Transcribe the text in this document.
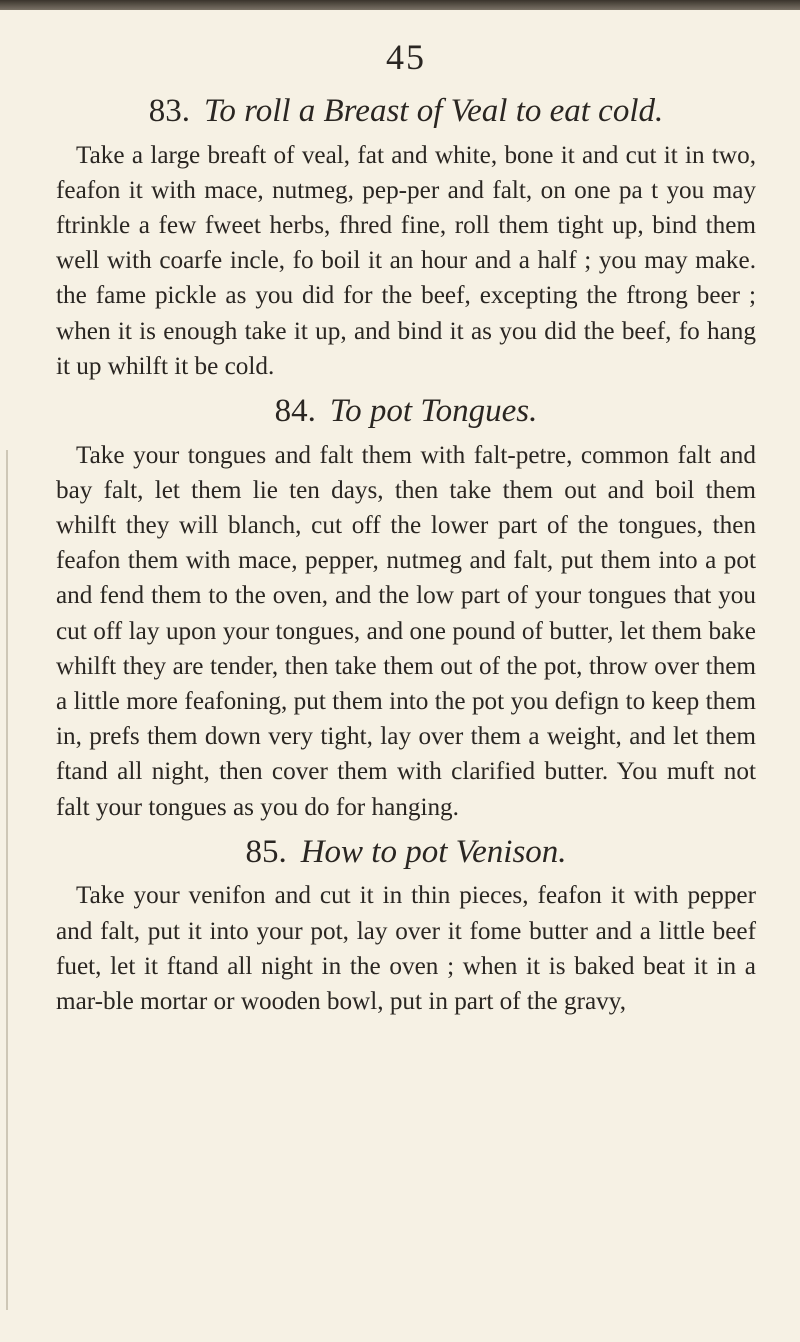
45
83. To roll a Breast of Veal to eat cold.

Take a large breaft of veal, fat and white, bone it and cut it in two, feafon it with mace, nutmeg, pep-per and falt, on one pa t you may ftrinkle a few fweet herbs, fhred fine, roll them tight up, bind them well with coarfe incle, fo boil it an hour and a half ; you may make. the fame pickle as you did for the beef, excepting the ftrong beer ; when it is enough take it up, and bind it as you did the beef, fo hang it up whilft it be cold.

84. To pot Tongues.

Take your tongues and falt them with falt-petre, common falt and bay falt, let them lie ten days, then take them out and boil them whilft they will blanch, cut off the lower part of the tongues, then feafon them with mace, pepper, nutmeg and falt, put them into a pot and fend them to the oven, and the low part of your tongues that you cut off lay upon your tongues, and one pound of butter, let them bake whilft they are tender, then take them out of the pot, throw over them a little more feafoning, put them into the pot you defign to keep them in, prefs them down very tight, lay over them a weight, and let them ftand all night, then cover them with clarified butter. You muft not falt your tongues as you do for hanging.

85. How to pot Venison.

Take your venifon and cut it in thin pieces, feafon it with pepper and falt, put it into your pot, lay over it fome butter and a little beef fuet, let it ftand all night in the oven ; when it is baked beat it in a mar-ble mortar or wooden bowl, put in part of the gravy,
